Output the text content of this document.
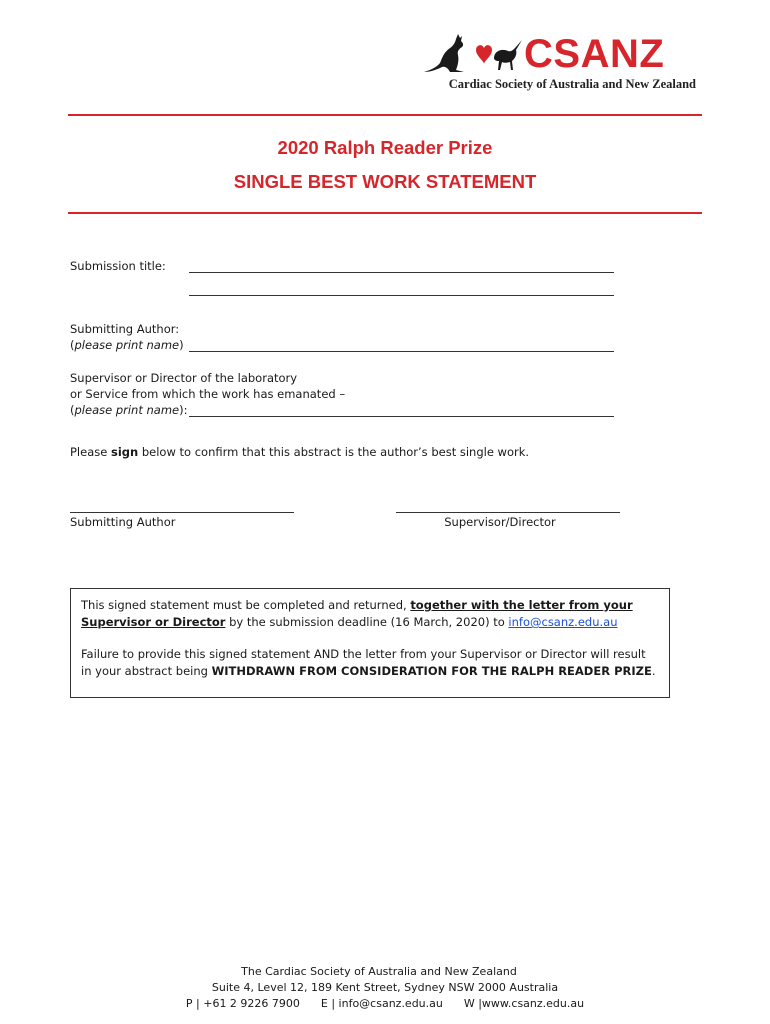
CSANZ
Cardiac Society of Australia and New Zealand
2020 Ralph Reader Prize
SINGLE BEST WORK STATEMENT
Submission title:
Submitting Author:
(please print name)
Supervisor or Director of the laboratory
or Service from which the work has emanated –
(please print name):
Please sign below to confirm that this abstract is the author’s best single work.
Submitting Author	Supervisor/Director

This signed statement must be completed and returned, together with the letter from your Supervisor or Director by the submission deadline (16 March, 2020) to info@csanz.edu.au

Failure to provide this signed statement AND the letter from your Supervisor or Director will result in your abstract being WITHDRAWN FROM CONSIDERATION FOR THE RALPH READER PRIZE.

The Cardiac Society of Australia and New Zealand
Suite 4, Level 12, 189 Kent Street, Sydney NSW 2000 Australia
P | +61 2 9226 7900      E | info@csanz.edu.au      W |www.csanz.edu.au
